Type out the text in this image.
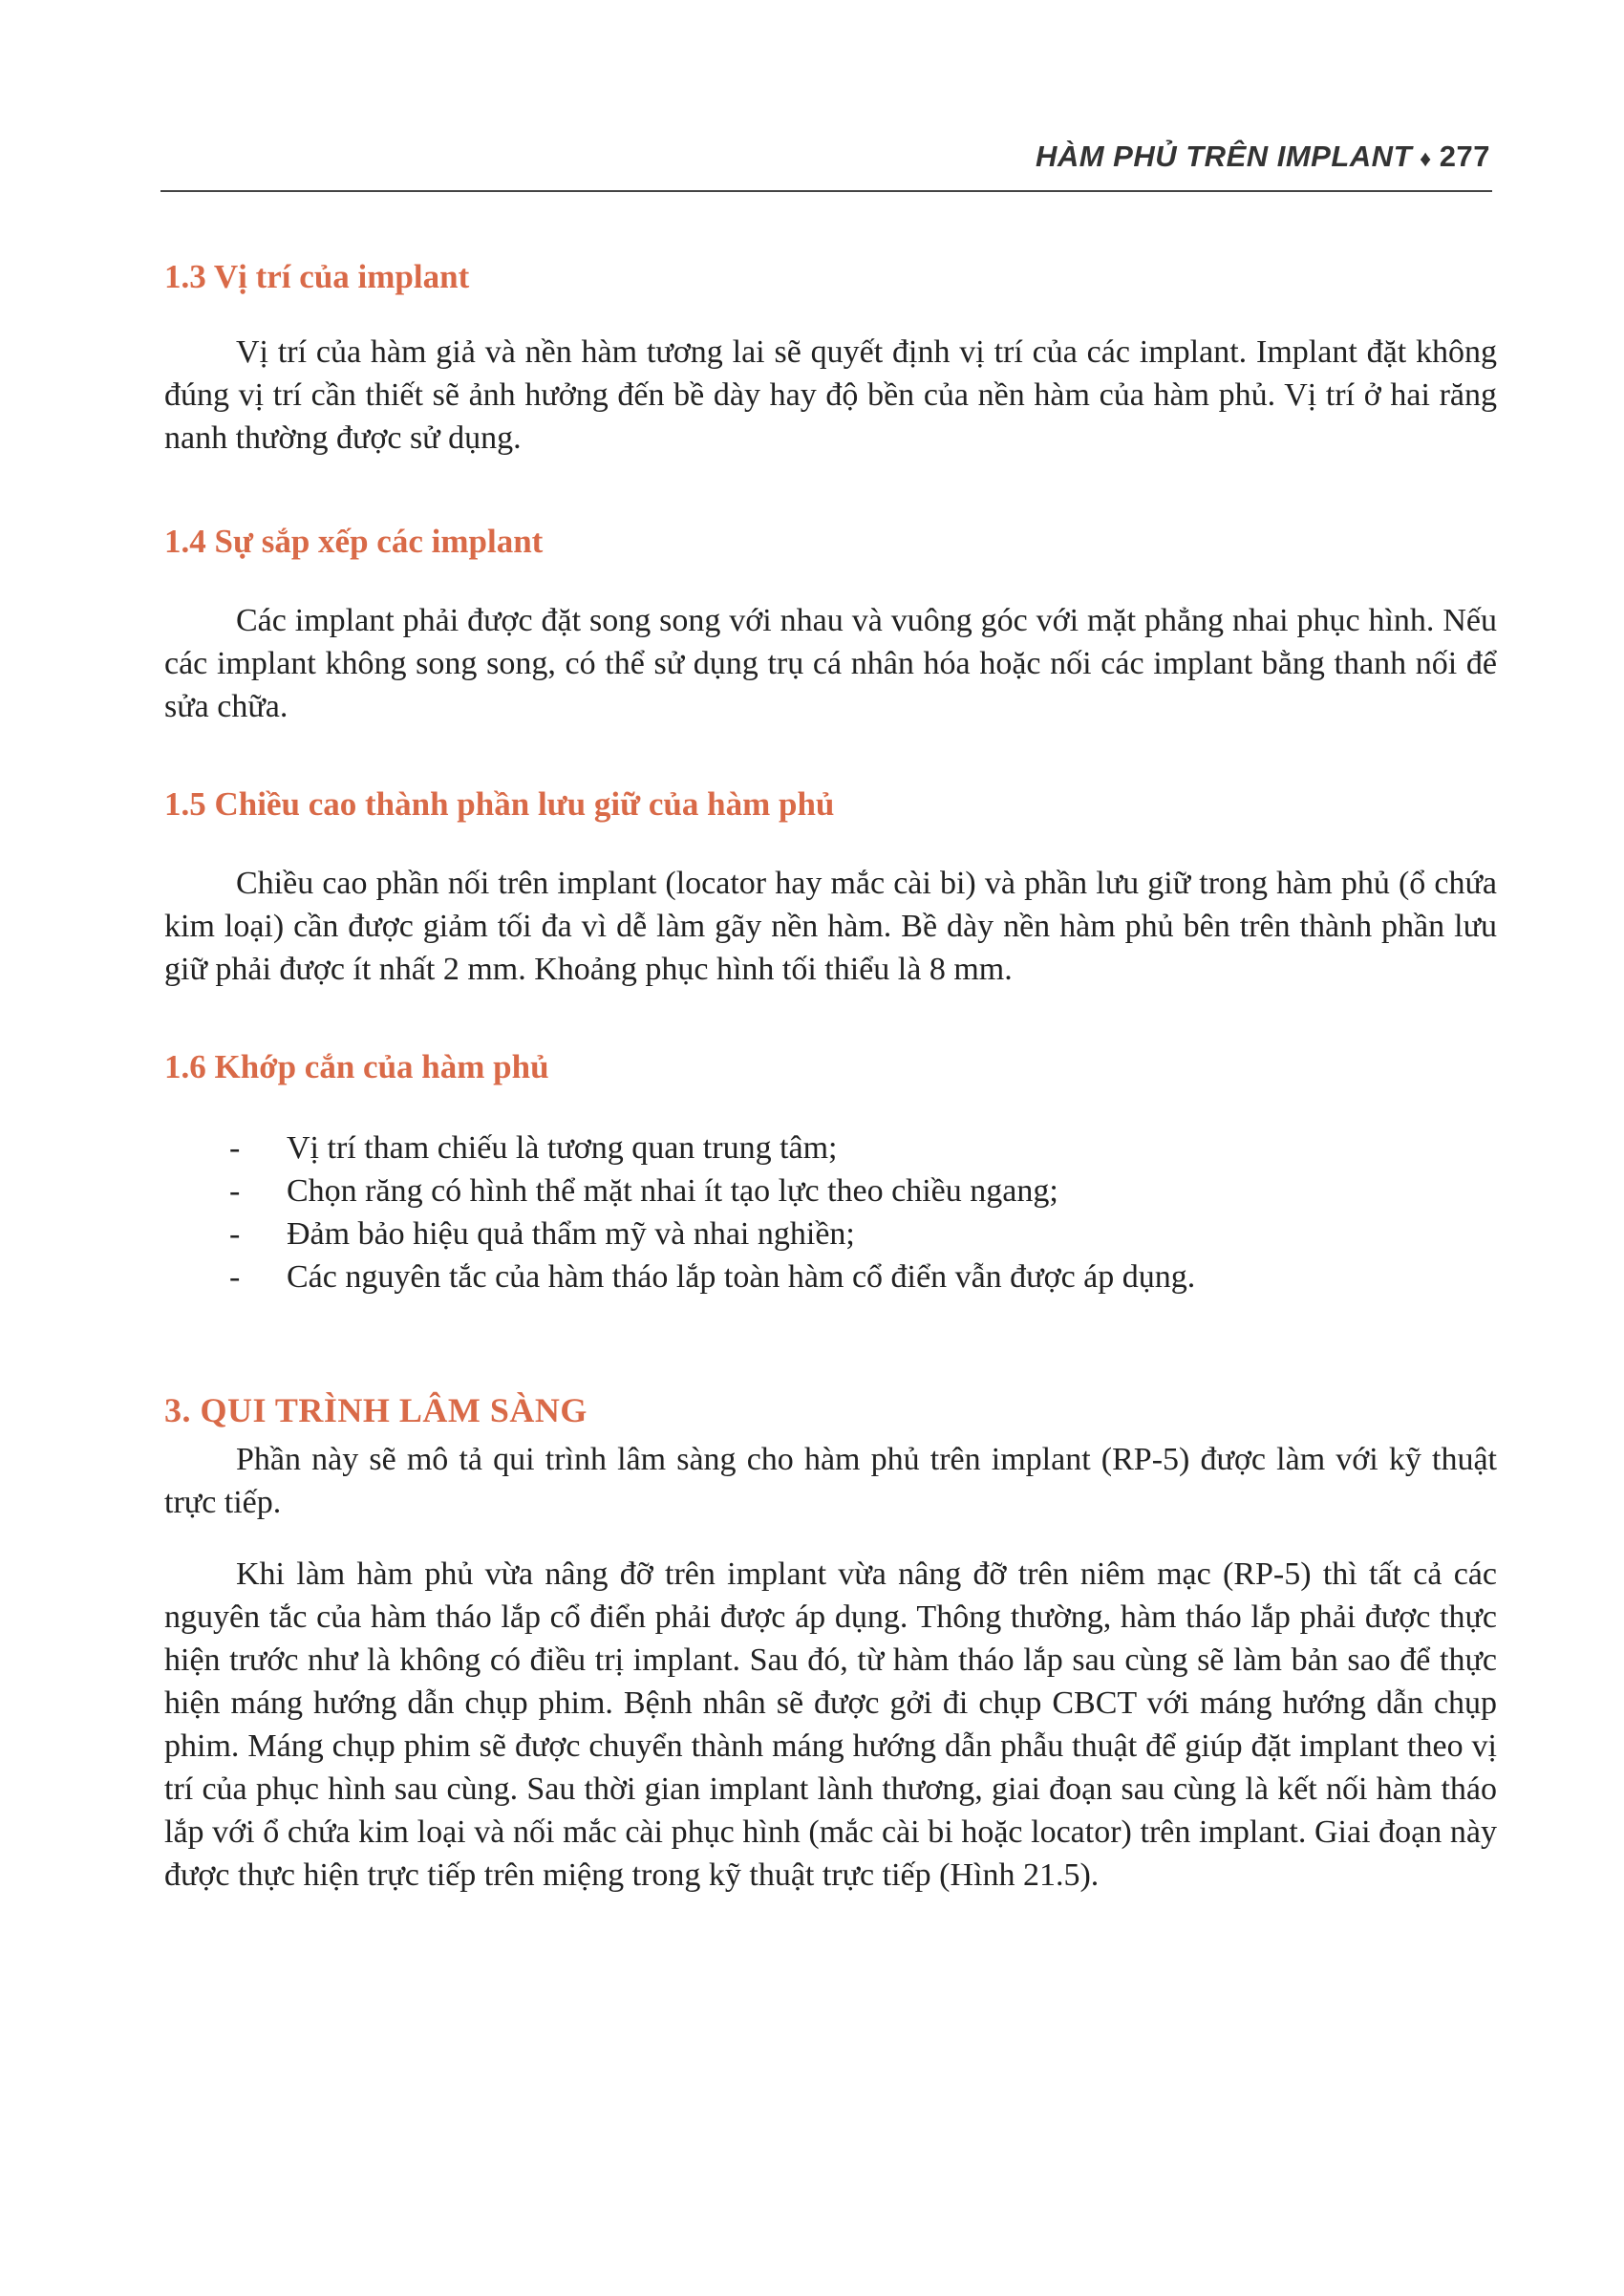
HÀM PHỦ TRÊN IMPLANT ♦ 277
1.3 Vị trí của implant

Vị trí của hàm giả và nền hàm tương lai sẽ quyết định vị trí của các implant. Implant đặt không đúng vị trí cần thiết sẽ ảnh hưởng đến bề dày hay độ bền của nền hàm của hàm phủ. Vị trí ở hai răng nanh thường được sử dụng.

1.4 Sự sắp xếp các implant

Các implant phải được đặt song song với nhau và vuông góc với mặt phẳng nhai phục hình. Nếu các implant không song song, có thể sử dụng trụ cá nhân hóa hoặc nối các implant bằng thanh nối để sửa chữa.

1.5 Chiều cao thành phần lưu giữ của hàm phủ

Chiều cao phần nối trên implant (locator hay mắc cài bi) và phần lưu giữ trong hàm phủ (ổ chứa kim loại) cần được giảm tối đa vì dễ làm gãy nền hàm. Bề dày nền hàm phủ bên trên thành phần lưu giữ phải được ít nhất 2 mm. Khoảng phục hình tối thiểu là 8 mm.

1.6 Khớp cắn của hàm phủ
- Vị trí tham chiếu là tương quan trung tâm;
- Chọn răng có hình thể mặt nhai ít tạo lực theo chiều ngang;
- Đảm bảo hiệu quả thẩm mỹ và nhai nghiền;
- Các nguyên tắc của hàm tháo lắp toàn hàm cổ điển vẫn được áp dụng.
3. QUI TRÌNH LÂM SÀNG

Phần này sẽ mô tả qui trình lâm sàng cho hàm phủ trên implant (RP-5) được làm với kỹ thuật trực tiếp.

Khi làm hàm phủ vừa nâng đỡ trên implant vừa nâng đỡ trên niêm mạc (RP-5) thì tất cả các nguyên tắc của hàm tháo lắp cổ điển phải được áp dụng. Thông thường, hàm tháo lắp phải được thực hiện trước như là không có điều trị implant. Sau đó, từ hàm tháo lắp sau cùng sẽ làm bản sao để thực hiện máng hướng dẫn chụp phim. Bệnh nhân sẽ được gởi đi chụp CBCT với máng hướng dẫn chụp phim. Máng chụp phim sẽ được chuyển thành máng hướng dẫn phẫu thuật để giúp đặt implant theo vị trí của phục hình sau cùng. Sau thời gian implant lành thương, giai đoạn sau cùng là kết nối hàm tháo lắp với ổ chứa kim loại và nối mắc cài phục hình (mắc cài bi hoặc locator) trên implant. Giai đoạn này được thực hiện trực tiếp trên miệng trong kỹ thuật trực tiếp (Hình 21.5).
